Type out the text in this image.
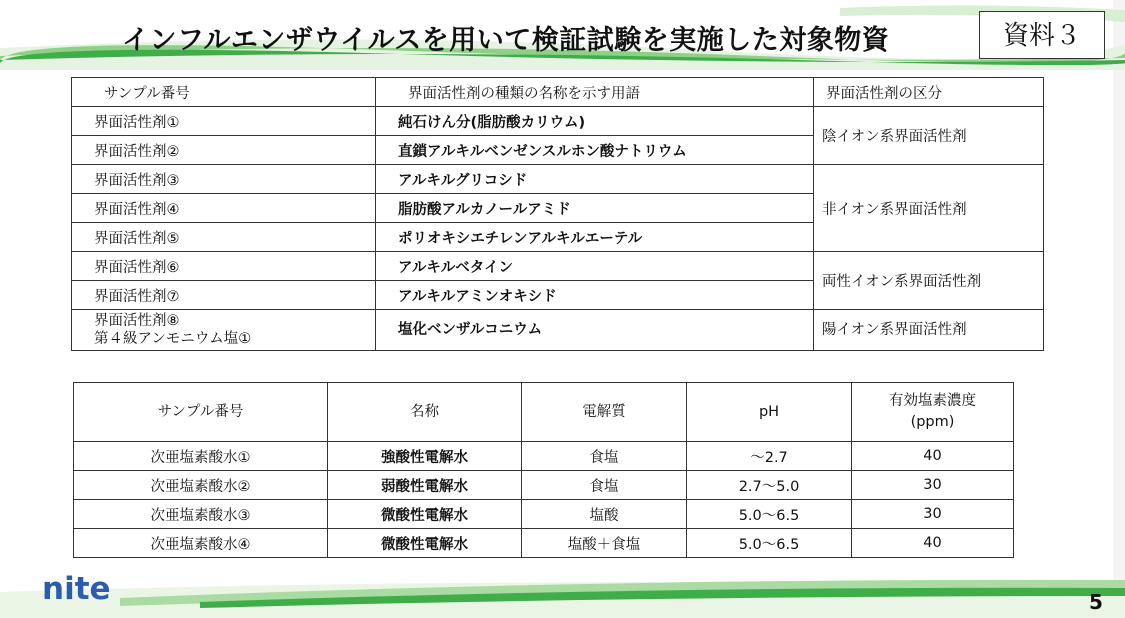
インフルエンザウイルスを用いて検証試験を実施した対象物資	資料３
サンプル番号	界面活性剤の種類の名称を示す用語	界面活性剤の区分
界面活性剤①	純石けん分(脂肪酸カリウム)	陰イオン系界面活性剤
界面活性剤②	直鎖アルキルベンゼンスルホン酸ナトリウム	
界面活性剤③	アルキルグリコシド	非イオン系界面活性剤
界面活性剤④	脂肪酸アルカノールアミド	
界面活性剤⑤	ポリオキシエチレンアルキルエーテル	
界面活性剤⑥	アルキルベタイン	両性イオン系界面活性剤
界面活性剤⑦	アルキルアミンオキシド	
界面活性剤⑧
第４級アンモニウム塩①	塩化ベンザルコニウム	陽イオン系界面活性剤
サンプル番号	名称	電解質	pH	有効塩素濃度
(ppm)
次亜塩素酸水①	強酸性電解水	食塩	～2.7	40
次亜塩素酸水②	弱酸性電解水	食塩	2.7～5.0	30
次亜塩素酸水③	微酸性電解水	塩酸	5.0～6.5	30
次亜塩素酸水④	微酸性電解水	塩酸＋食塩	5.0～6.5	40
nite	5
